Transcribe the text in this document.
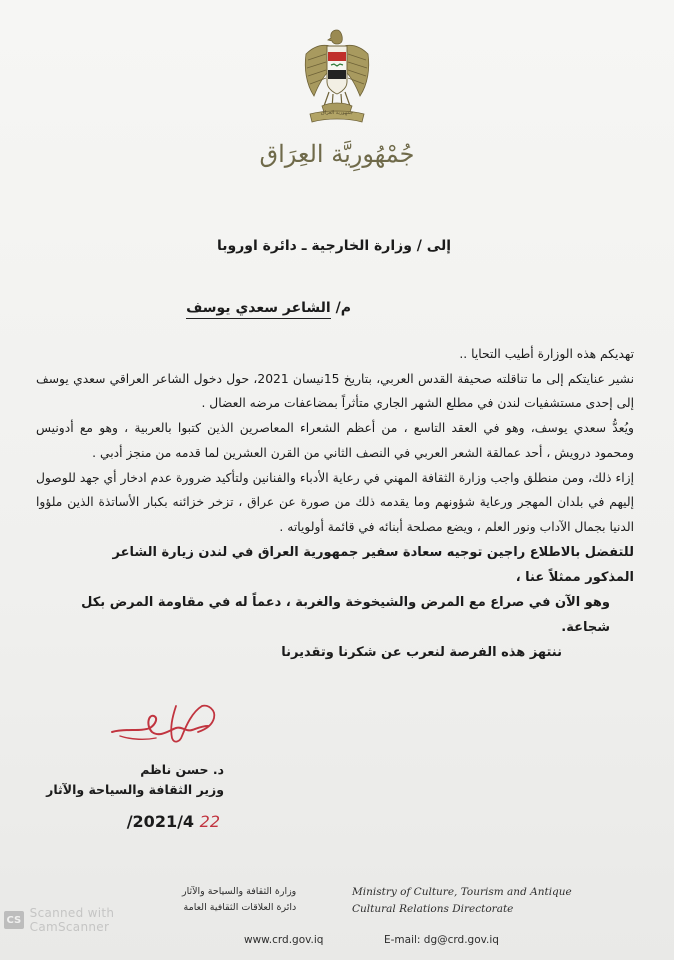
جمهورية العراق
جُمْهُورِيَّة العِرَاق
إلى / وزارة الخارجية ـ دائرة اوروبا
م/ الشاعر سعدي يوسف

تهديكم هذه الوزارة أطيب التحايا ..

نشير عنايتكم إلى ما تناقلته صحيفة القدس العربي، بتاريخ 15نيسان 2021، حول دخول الشاعر العراقي سعدي يوسف إلى إحدى مستشفيات لندن في مطلع الشهر الجاري متأثراً بمضاعفات مرضه العضال .

ويُعدُّ سعدي يوسف، وهو في العقد التاسع ، من أعظم الشعراء المعاصرين الذين كتبوا بالعربية ، وهو مع أدونيس ومحمود درويش ، أحد عمالقة الشعر العربي في النصف الثاني من القرن العشرين لما قدمه من منجز أدبي .

إزاء ذلك، ومن منطلق واجب وزارة الثقافة المهني في رعاية الأدباء والفنانين ولتأكيد ضرورة عدم ادخار أي جهد للوصول إليهم في بلدان المهجر ورعاية شؤونهم وما يقدمه ذلك من صورة عن عراق ، تزخر خزائنه بكبار الأساتذة الذين ملؤوا الدنيا بجمال الآداب ونور العلم ، ويضع مصلحة أبنائه في قائمة أولوياته .

للتفضل بالاطلاع راجين توجيه سعادة سفير جمهورية العراق في لندن زيارة الشاعر المذكور ممثلاً عنا ،

وهو الآن في صراع مع المرض والشيخوخة والغربة ، دعماً له في مقاومة المرض بكل شجاعة.

ننتهز هذه الفرصة لنعرب عن شكرنا وتقديرنا

د. حسن ناظم
وزير الثقافة والسياحة والآثار
/2021/4 22
وزارة الثقافة والسياحة والآثار
دائرة العلاقات الثقافية العامة
Ministry of Culture, Tourism and Antique
Cultural Relations Directorate
www.crd.gov.iq	E-mail: dg@crd.gov.iq
CS Scanned with CamScanner
